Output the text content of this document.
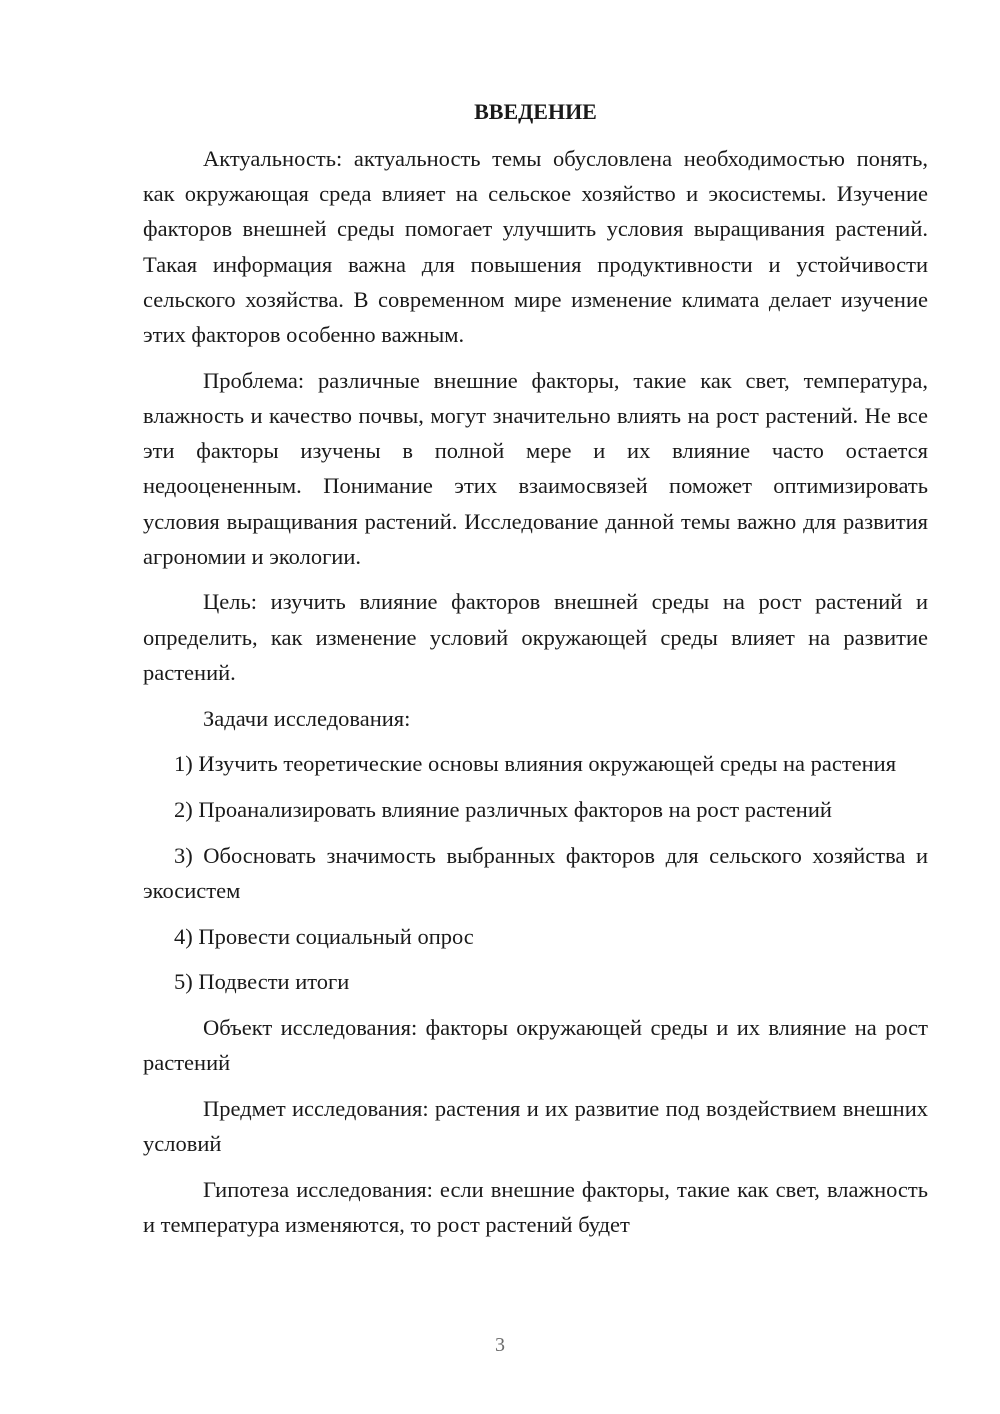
ВВЕДЕНИЕ

Актуальность: актуальность темы обусловлена необходимостью понять, как окружающая среда влияет на сельское хозяйство и экосистемы. Изучение факторов внешней среды помогает улучшить условия выращивания растений. Такая информация важна для повышения продуктивности и устойчивости сельского хозяйства. В современном мире изменение климата делает изучение этих факторов особенно важным.

Проблема: различные внешние факторы, такие как свет, температура, влажность и качество почвы, могут значительно влиять на рост растений. Не все эти факторы изучены в полной мере и их влияние часто остается недооцененным. Понимание этих взаимосвязей поможет оптимизировать условия выращивания растений. Исследование данной темы важно для развития агрономии и экологии.

Цель: изучить влияние факторов внешней среды на рост растений и определить, как изменение условий окружающей среды влияет на развитие растений.

Задачи исследования:

1) Изучить теоретические основы влияния окружающей среды на растения

2) Проанализировать влияние различных факторов на рост растений

3) Обосновать значимость выбранных факторов для сельского хозяйства и экосистем

4) Провести социальный опрос

5) Подвести итоги

Объект исследования: факторы окружающей среды и их влияние на рост растений

Предмет исследования: растения и их развитие под воздействием внешних условий

Гипотеза исследования: если внешние факторы, такие как свет, влажность и температура изменяются, то рост растений будет

3
